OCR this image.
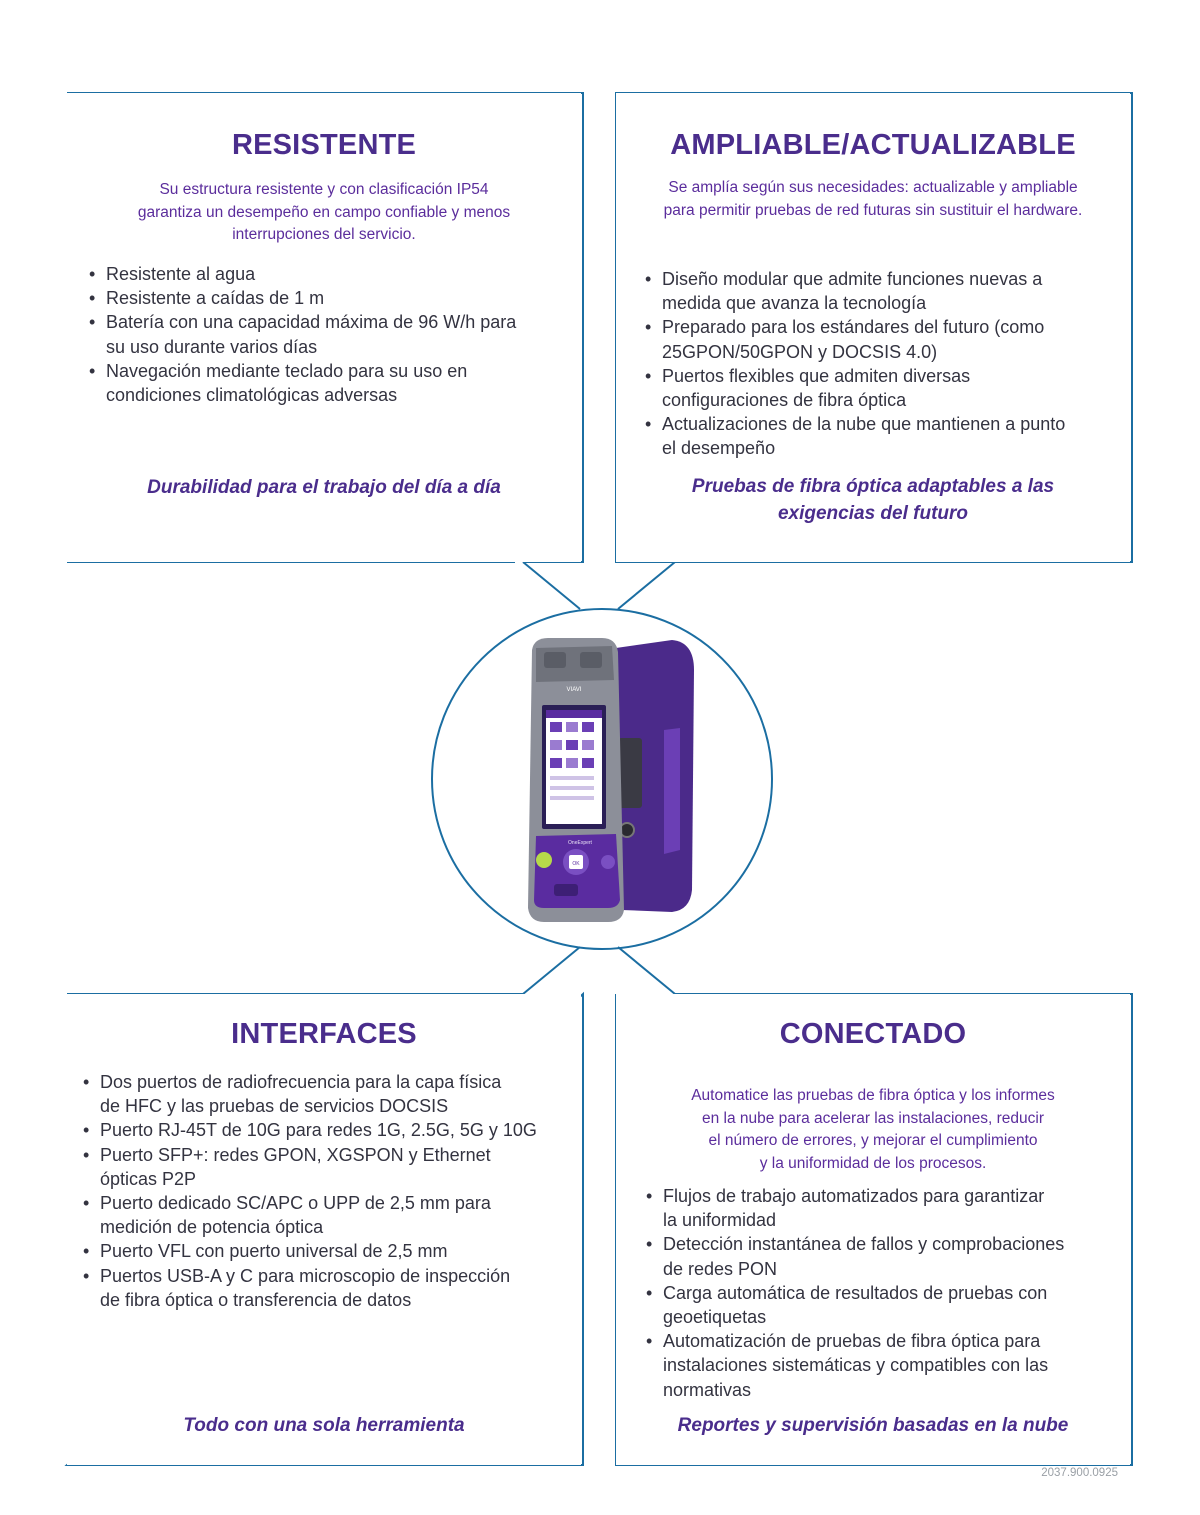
RESISTENTE
Su estructura resistente y con clasificación IP54
garantiza un desempeño en campo confiable y menos
interrupciones del servicio.
• Resistente al agua
• Resistente a caídas de 1 m
• Batería con una capacidad máxima de 96 W/h para
su uso durante varios días
• Navegación mediante teclado para su uso en
condiciones climatológicas adversas
Durabilidad para el trabajo del día a día
AMPLIABLE/ACTUALIZABLE
Se amplía según sus necesidades: actualizable y ampliable
para permitir pruebas de red futuras sin sustituir el hardware.
• Diseño modular que admite funciones nuevas a
medida que avanza la tecnología
• Preparado para los estándares del futuro (como
25GPON/50GPON y DOCSIS 4.0)
• Puertos flexibles que admiten diversas
configuraciones de fibra óptica
• Actualizaciones de la nube que mantienen a punto
el desempeño
Pruebas de fibra óptica adaptables a las
exigencias del futuro
INTERFACES
• Dos puertos de radiofrecuencia para la capa física
de HFC y las pruebas de servicios DOCSIS
• Puerto RJ-45T de 10G para redes 1G, 2.5G, 5G y 10G
• Puerto SFP+: redes GPON, XGSPON y Ethernet
ópticas P2P
• Puerto dedicado SC/APC o UPP de 2,5 mm para
medición de potencia óptica
• Puerto VFL con puerto universal de 2,5 mm
• Puertos USB-A y C para microscopio de inspección
de fibra óptica o transferencia de datos
Todo con una sola herramienta
CONECTADO
Automatice las pruebas de fibra óptica y los informes
en la nube para acelerar las instalaciones, reducir
el número de errores, y mejorar el cumplimiento
y la uniformidad de los procesos.
• Flujos de trabajo automatizados para garantizar
la uniformidad
• Detección instantánea de fallos y comprobaciones
de redes PON
• Carga automática de resultados de pruebas con
geoetiquetas
• Automatización de pruebas de fibra óptica para
instalaciones sistemáticas y compatibles con las
normativas
Reportes y supervisión basadas en la nube
VIAVI
OneExpert
OK
2037.900.0925
